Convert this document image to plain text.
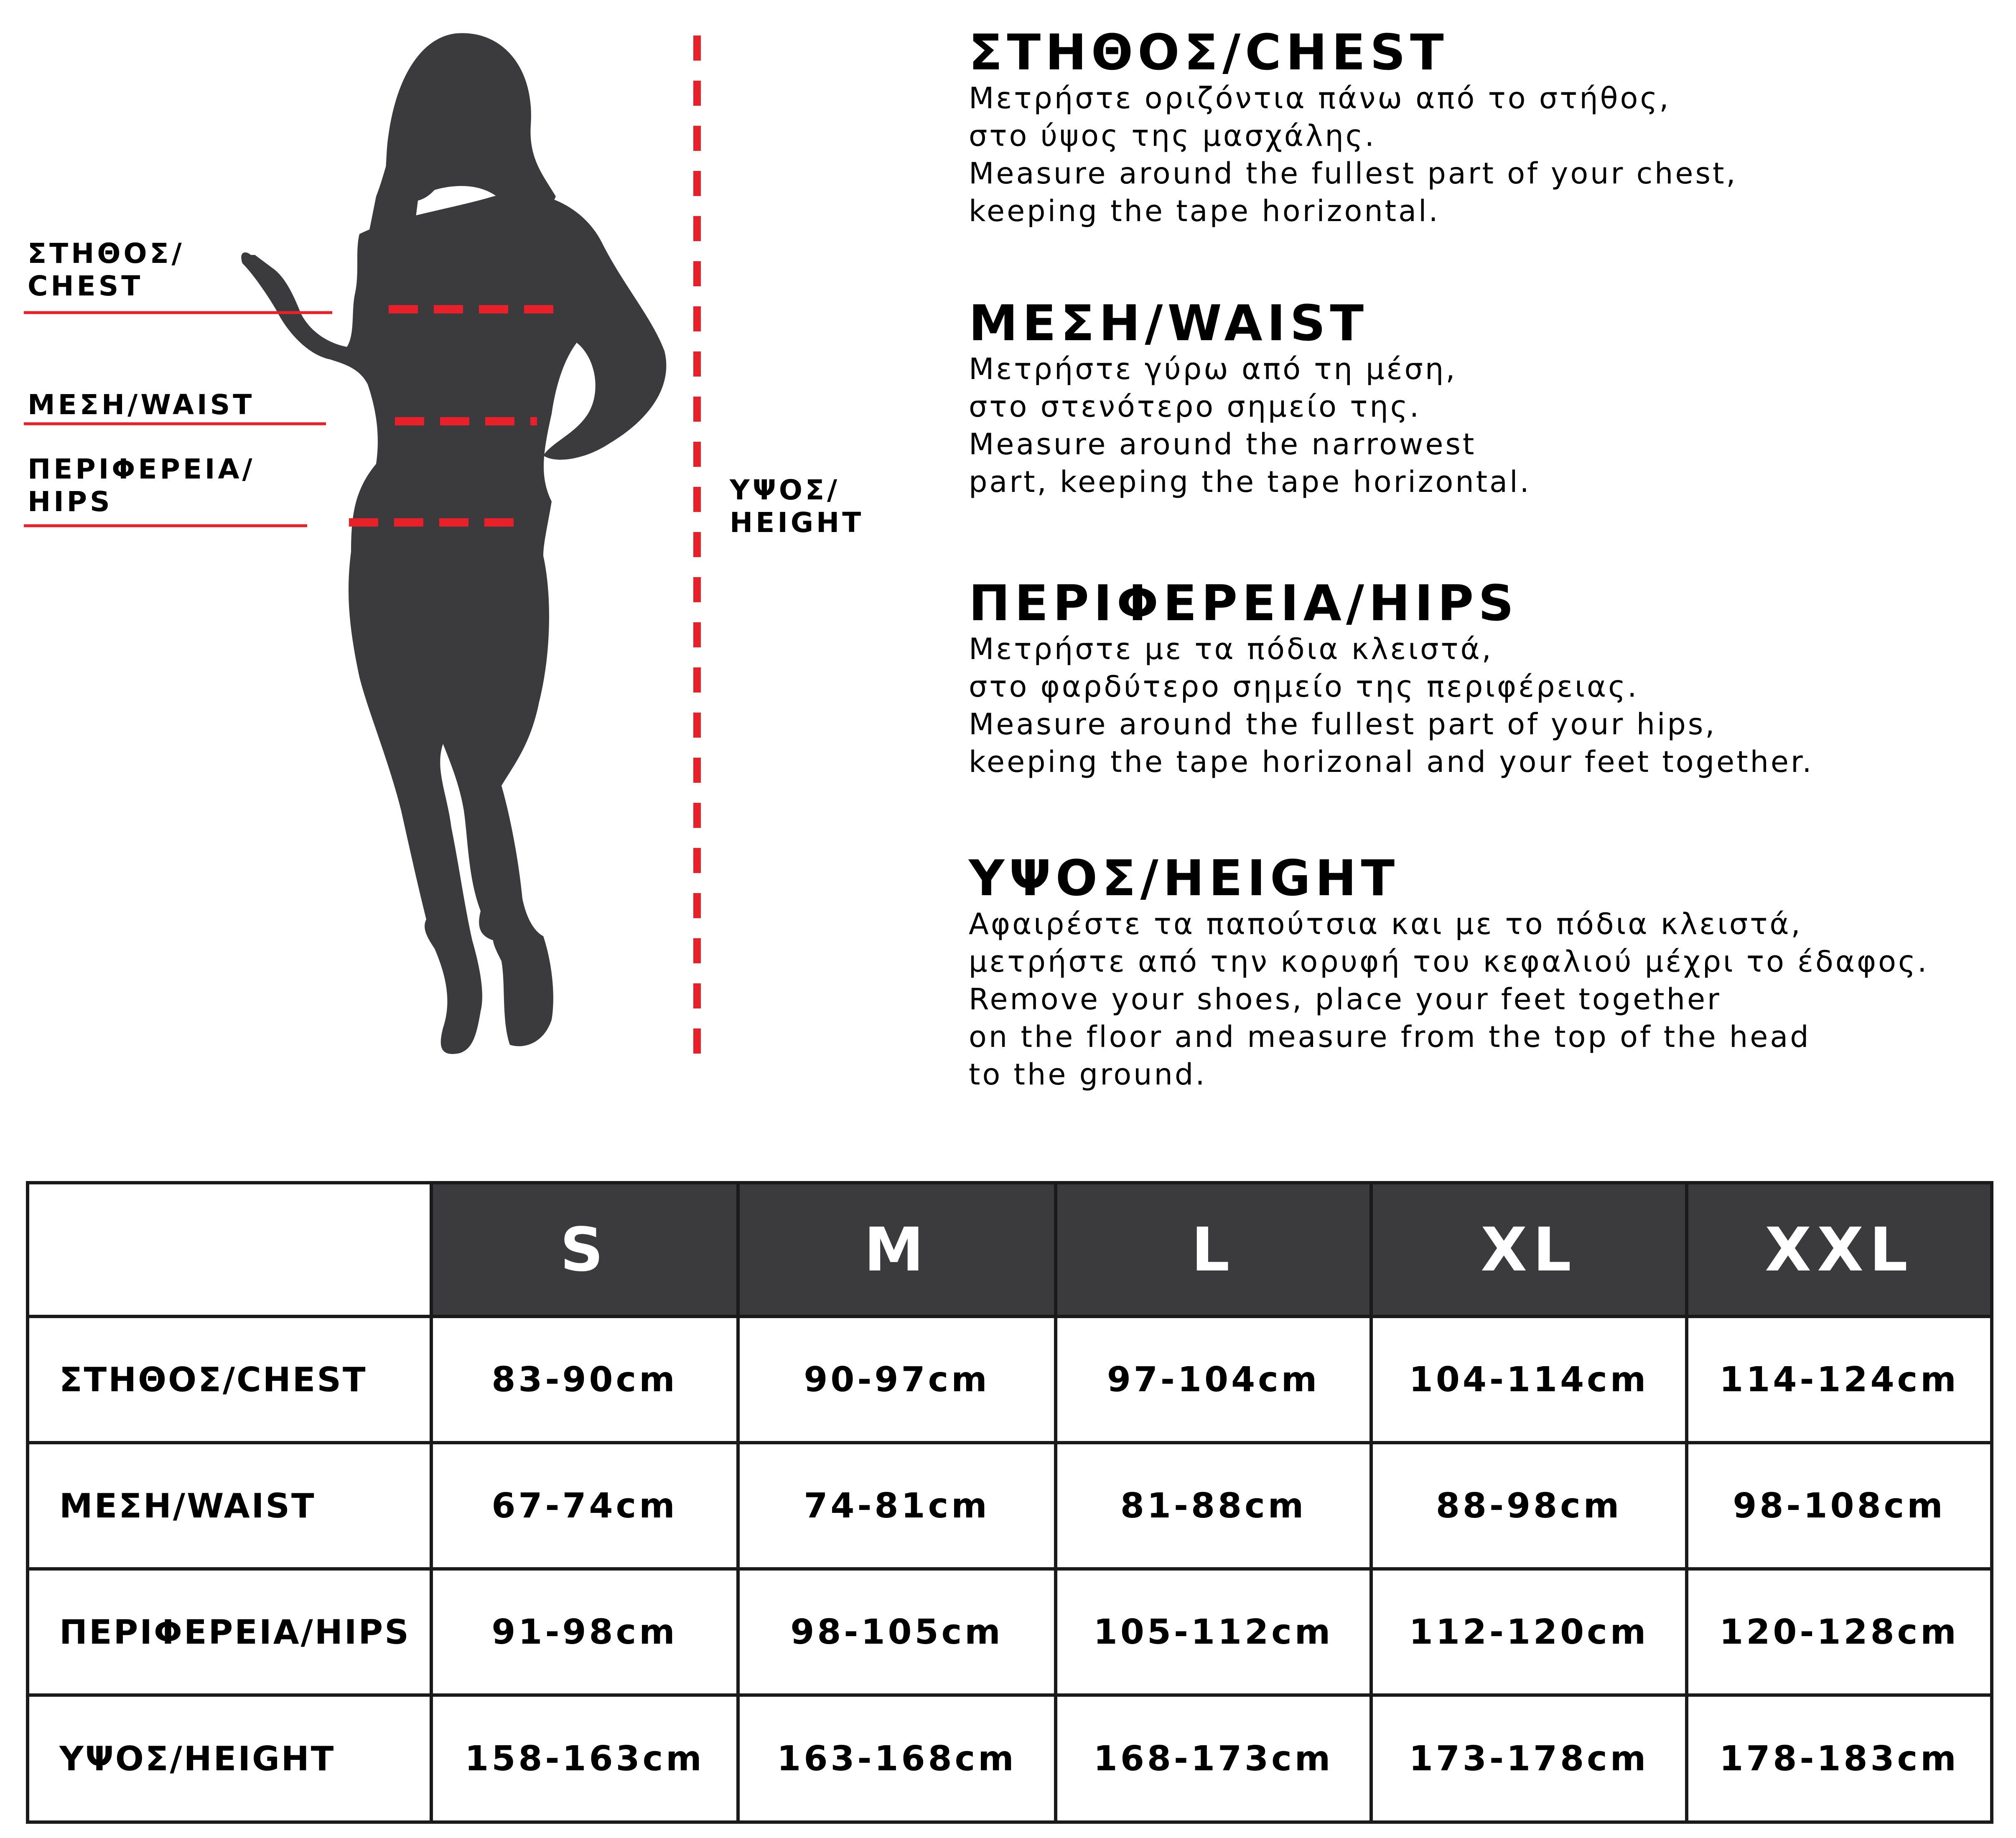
ΣΤΗΘΟΣ/
CHEST
ΜΕΣΗ/WAIST
ΠΕΡΙΦΕΡΕΙΑ/
HIPS	ΥΨΟΣ/
HEIGHT
ΣΤΗΘΟΣ/CHEST
Μετρήστε οριζόντια πάνω από το στήθος,
στο ύψος της μασχάλης.
Measure around the fullest part of your chest,
keeping the tape horizontal.
ΜΕΣΗ/WAIST
Μετρήστε γύρω από τη μέση,
στο στενότερο σημείο της.
Measure around the narrowest
part, keeping the tape horizontal.
ΠΕΡΙΦΕΡΕΙΑ/HIPS
Μετρήστε με τα πόδια κλειστά,
στο φαρδύτερο σημείο της περιφέρειας.
Measure around the fullest part of your hips,
keeping the tape horizonal and your feet together.
ΥΨΟΣ/HEIGHT
Αφαιρέστε τα παπούτσια και με το πόδια κλειστά,
μετρήστε από την κορυφή του κεφαλιού μέχρι το έδαφος.
Remove your shoes, place your feet together
on the floor and measure from the top of the head
to the ground.
	S	M	L	XL	XXL
ΣΤΗΘΟΣ/CHEST	83-90cm	90-97cm	97-104cm	104-114cm	114-124cm
ΜΕΣΗ/WAIST	67-74cm	74-81cm	81-88cm	88-98cm	98-108cm
ΠΕΡΙΦΕΡΕΙΑ/HIPS	91-98cm	98-105cm	105-112cm	112-120cm	120-128cm
ΥΨΟΣ/HEIGHT	158-163cm	163-168cm	168-173cm	173-178cm	178-183cm
